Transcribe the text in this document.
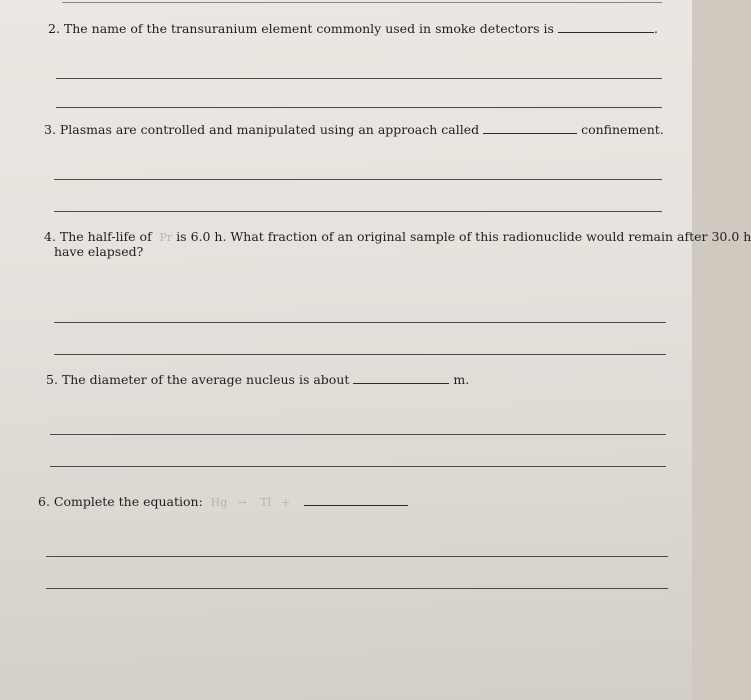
2. The name of the transuranium element commonly used in smoke detectors is	.
3. Plasmas are controlled and manipulated using an approach called	confinement.
4. The half-life of ··Pr is 6.0 h. What fraction of an original sample of this radionuclide would remain after 30.0 h
have elapsed?
5. The diameter of the average nucleus is about	m.
6. Complete the equation: ··Hg → ··Tl +
